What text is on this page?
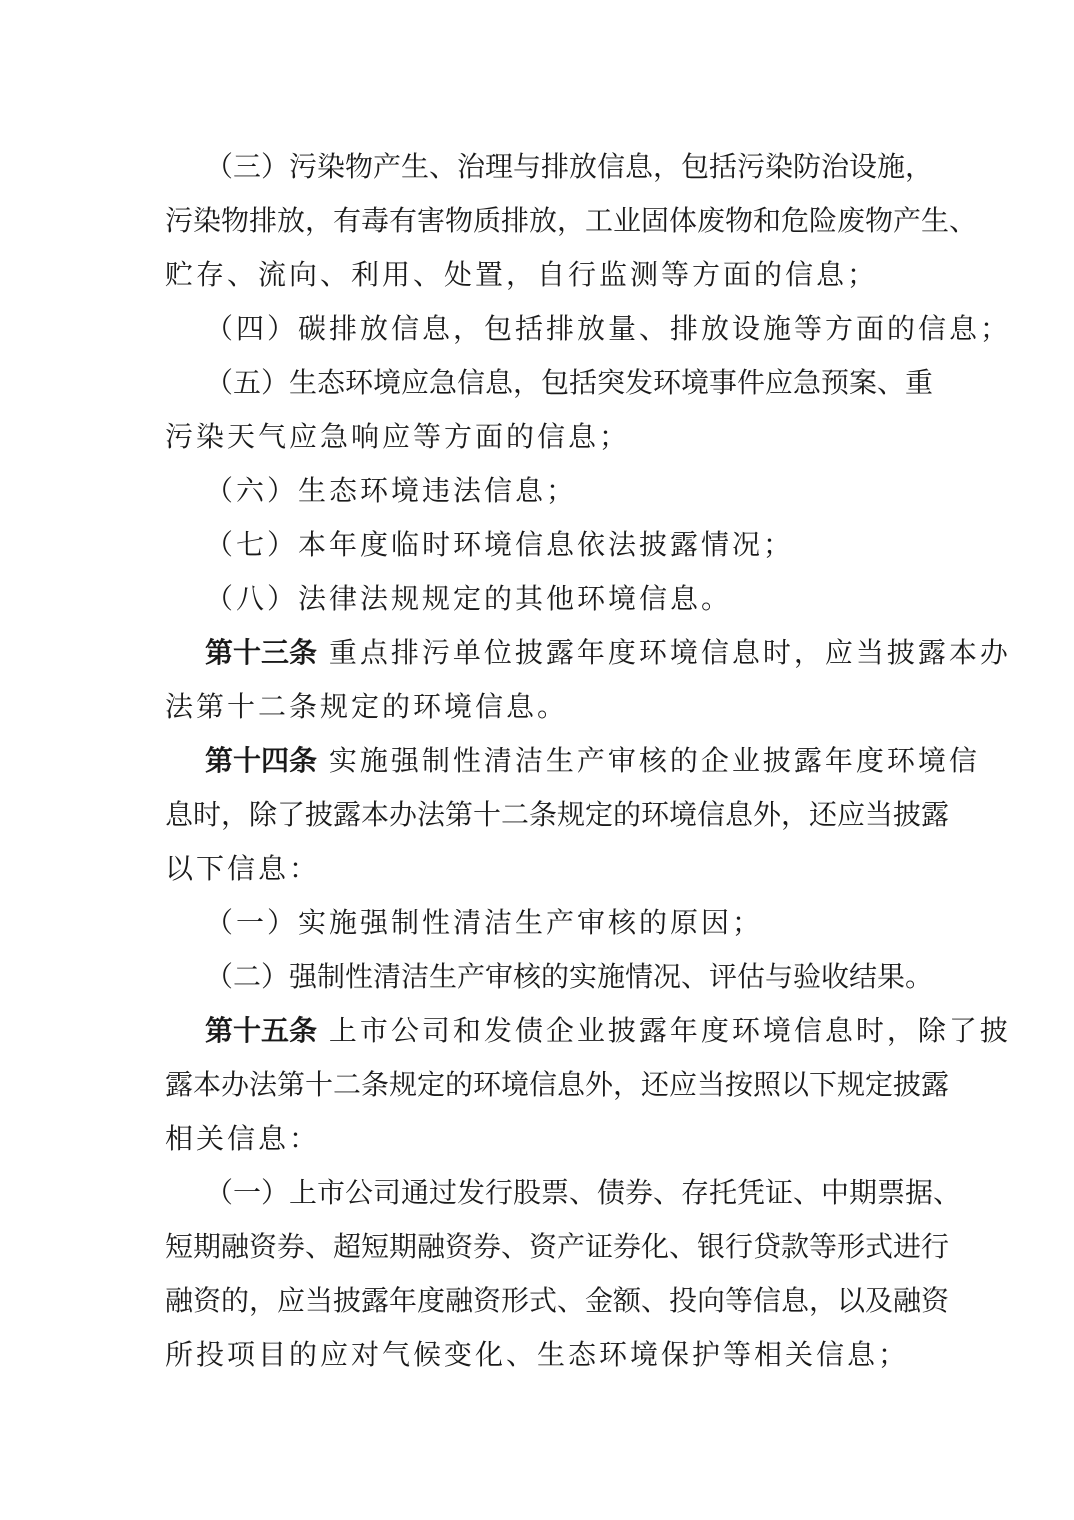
（三）污染物产生、治理与排放信息，包括污染防治设施，
污染物排放，有毒有害物质排放，工业固体废物和危险废物产生、
贮存、流向、利用、处置，自行监测等方面的信息；
（四）碳排放信息，包括排放量、排放设施等方面的信息；
（五）生态环境应急信息，包括突发环境事件应急预案、重
污染天气应急响应等方面的信息；
（六）生态环境违法信息；
（七）本年度临时环境信息依法披露情况；
（八）法律法规规定的其他环境信息。
第十三条 重点排污单位披露年度环境信息时，应当披露本办
法第十二条规定的环境信息。
第十四条 实施强制性清洁生产审核的企业披露年度环境信
息时，除了披露本办法第十二条规定的环境信息外，还应当披露
以下信息：
（一）实施强制性清洁生产审核的原因；
（二）强制性清洁生产审核的实施情况、评估与验收结果。
第十五条 上市公司和发债企业披露年度环境信息时，除了披
露本办法第十二条规定的环境信息外，还应当按照以下规定披露
相关信息：
（一）上市公司通过发行股票、债券、存托凭证、中期票据、
短期融资券、超短期融资券、资产证券化、银行贷款等形式进行
融资的，应当披露年度融资形式、金额、投向等信息，以及融资
所投项目的应对气候变化、生态环境保护等相关信息；
